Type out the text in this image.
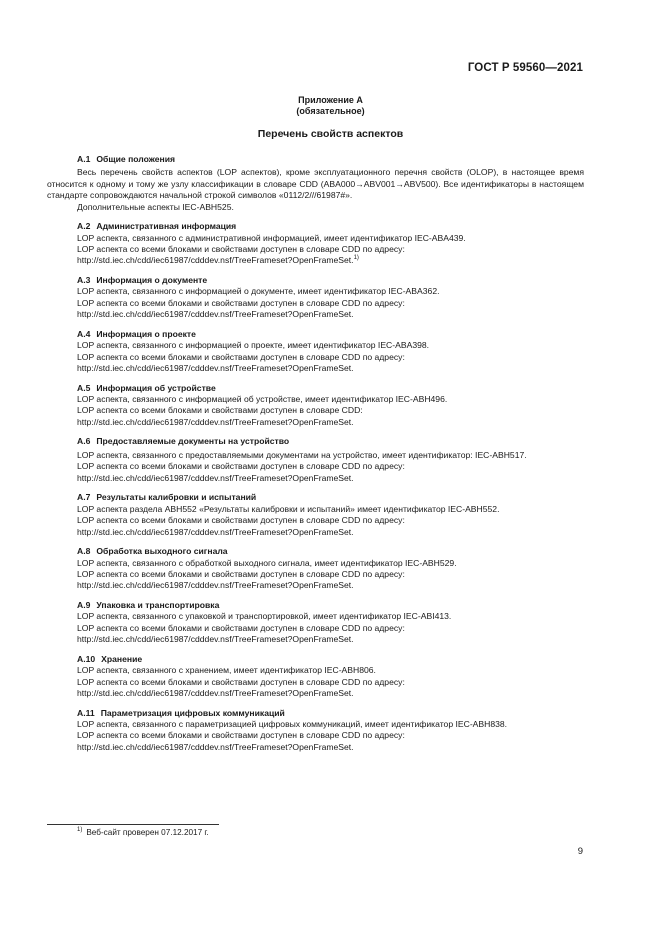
ГОСТ Р 59560—2021
Приложение А
(обязательное)
Перечень свойств аспектов

А.1 Общие положения

Весь перечень свойств аспектов (LOP аспектов), кроме эксплуатационного перечня свойств (OLOP), в настоящее время относится к одному и тому же узлу классификации в словаре CDD (ABA000→ABV001→ABV500). Все идентификаторы в настоящем стандарте сопровождаются начальной строкой символов «0112/2///61987#».

Дополнительные аспекты IEC-ABH525.

А.2 Административная информация

LOP аспекта, связанного с административной информацией, имеет идентификатор IEC-ABA439.

LOP аспекта со всеми блоками и свойствами доступен в словаре CDD по адресу:

http://std.iec.ch/cdd/iec61987/cdddev.nsf/TreeFrameset?OpenFrameSet.$^{1)}$

А.3 Информация о документе

LOP аспекта, связанного с информацией о документе, имеет идентификатор IEC-ABA362.

LOP аспекта со всеми блоками и свойствами доступен в словаре CDD по адресу:

http://std.iec.ch/cdd/iec61987/cdddev.nsf/TreeFrameset?OpenFrameSet.

А.4 Информация о проекте

LOP аспекта, связанного с информацией о проекте, имеет идентификатор IEC-ABA398.

LOP аспекта со всеми блоками и свойствами доступен в словаре CDD по адресу:

http://std.iec.ch/cdd/iec61987/cdddev.nsf/TreeFrameset?OpenFrameSet.

А.5 Информация об устройстве

LOP аспекта, связанного с информацией об устройстве, имеет идентификатор IEC-ABH496.

LOP аспекта со всеми блоками и свойствами доступен в словаре CDD:

http://std.iec.ch/cdd/iec61987/cdddev.nsf/TreeFrameset?OpenFrameSet.

А.6 Предоставляемые документы на устройство

LOP аспекта, связанного с предоставляемыми документами на устройство, имеет идентификатор: IEC-ABH517.

LOP аспекта со всеми блоками и свойствами доступен в словаре CDD по адресу:

http://std.iec.ch/cdd/iec61987/cdddev.nsf/TreeFrameset?OpenFrameSet.

А.7 Результаты калибровки и испытаний

LOP аспекта раздела ABH552 «Результаты калибровки и испытаний» имеет идентификатор IEC-ABH552.

LOP аспекта со всеми блоками и свойствами доступен в словаре CDD по адресу:

http://std.iec.ch/cdd/iec61987/cdddev.nsf/TreeFrameset?OpenFrameSet.

А.8 Обработка выходного сигнала

LOP аспекта, связанного с обработкой выходного сигнала, имеет идентификатор IEC-ABH529.

LOP аспекта со всеми блоками и свойствами доступен в словаре CDD по адресу:

http://std.iec.ch/cdd/iec61987/cdddev.nsf/TreeFrameset?OpenFrameSet.

А.9 Упаковка и транспортировка

LOP аспекта, связанного с упаковкой и транспортировкой, имеет идентификатор IEC-ABI413.

LOP аспекта со всеми блоками и свойствами доступен в словаре CDD по адресу:

http://std.iec.ch/cdd/iec61987/cdddev.nsf/TreeFrameset?OpenFrameSet.

А.10 Хранение

LOP аспекта, связанного с хранением, имеет идентификатор IEC-ABH806.

LOP аспекта со всеми блоками и свойствами доступен в словаре CDD по адресу:

http://std.iec.ch/cdd/iec61987/cdddev.nsf/TreeFrameset?OpenFrameSet.

А.11 Параметризация цифровых коммуникаций

LOP аспекта, связанного с параметризацией цифровых коммуникаций, имеет идентификатор IEC-ABH838.

LOP аспекта со всеми блоками и свойствами доступен в словаре CDD по адресу:

http://std.iec.ch/cdd/iec61987/cdddev.nsf/TreeFrameset?OpenFrameSet.

$^{1)}$ Веб-сайт проверен 07.12.2017 г.
9
